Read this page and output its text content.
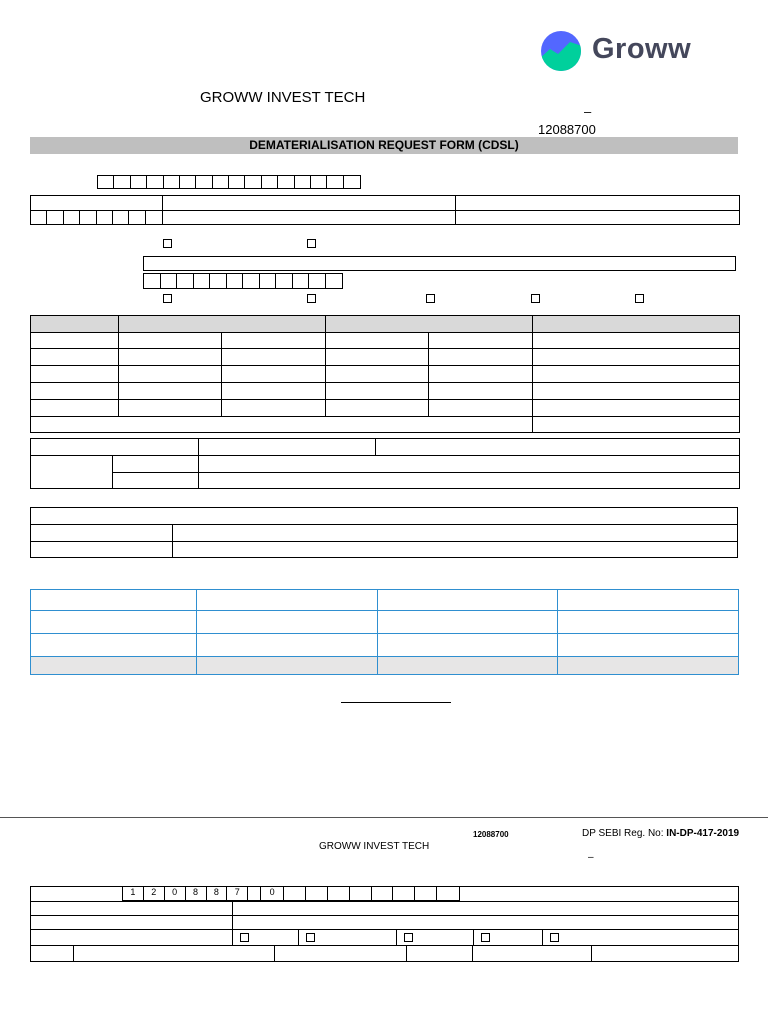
Groww
GROWW INVEST TECH
–
12088700
DEMATERIALISATION REQUEST FORM (CDSL)
12088700	DP SEBI Reg. No: IN-DP-417-2019
GROWW INVEST TECH
–
1	2	0	8	8	7	0
